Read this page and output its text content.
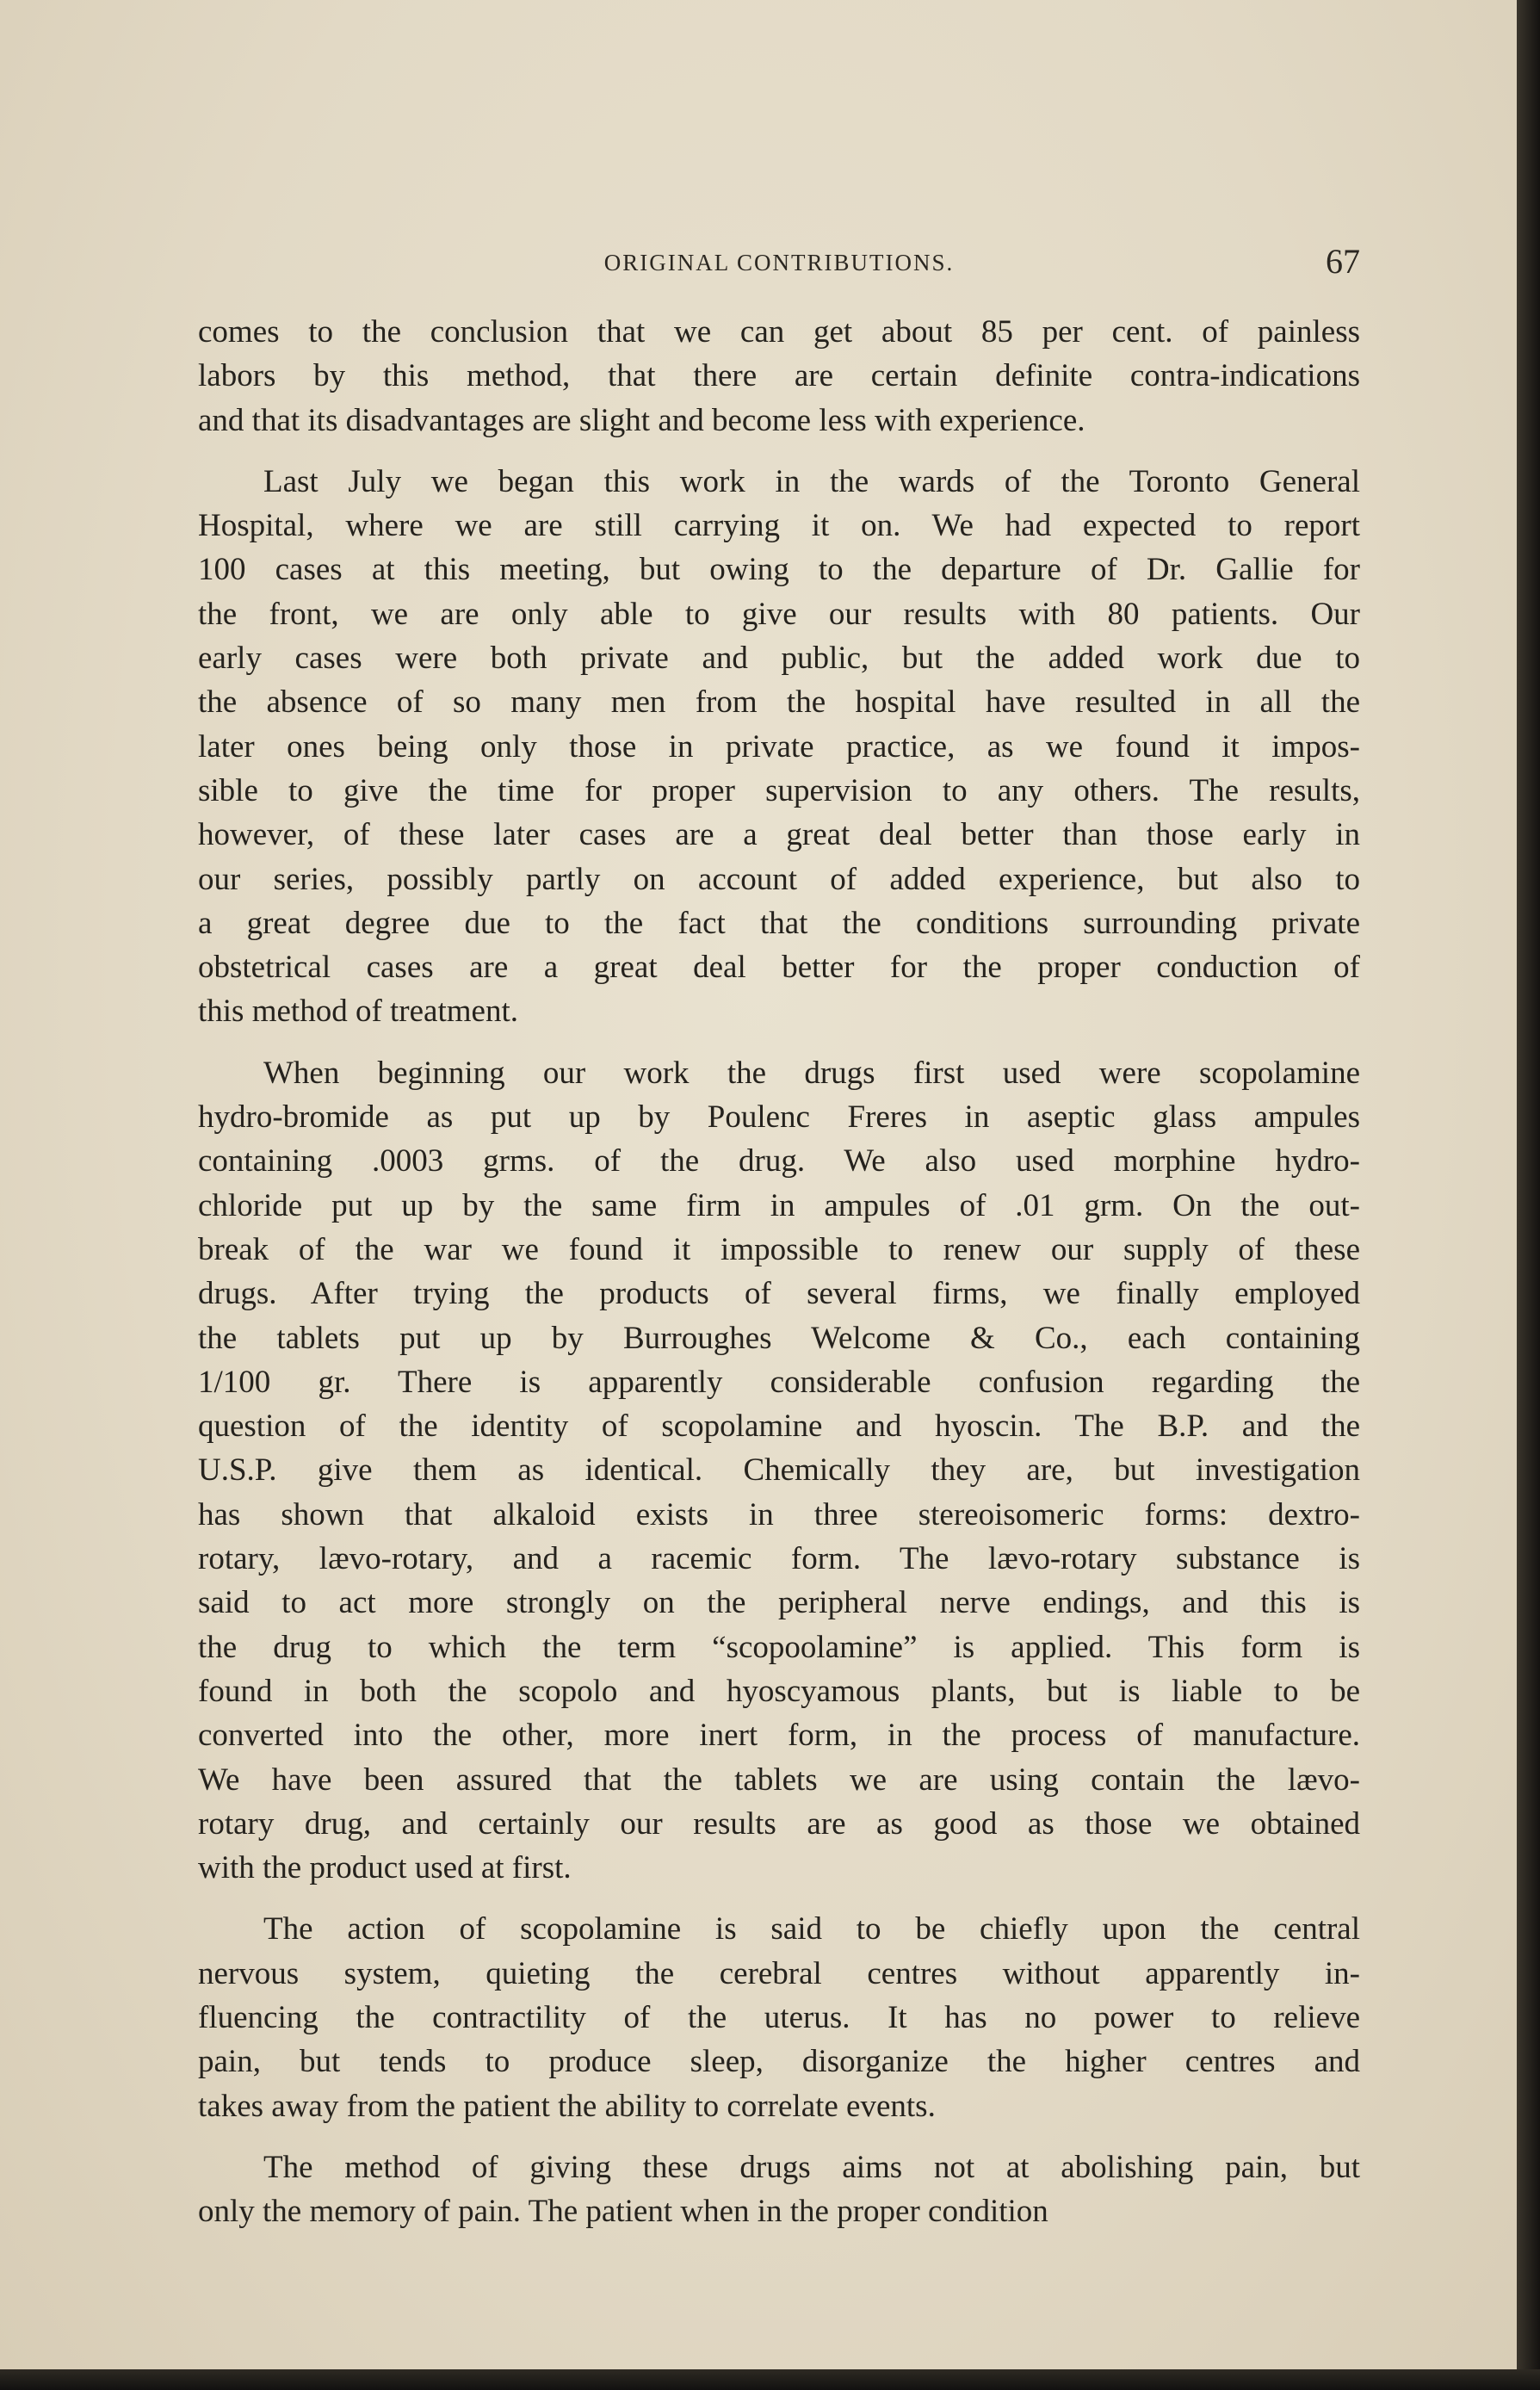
ORIGINAL CONTRIBUTIONS.	67

comes to the conclusion that we can get about 85 per cent. of painless
labors by this method, that there are certain definite contra-indications
and that its disadvantages are slight and become less with experience.

Last July we began this work in the wards of the Toronto General
Hospital, where we are still carrying it on. We had expected to report
100 cases at this meeting, but owing to the departure of Dr. Gallie for
the front, we are only able to give our results with 80 patients. Our
early cases were both private and public, but the added work due to
the absence of so many men from the hospital have resulted in all the
later ones being only those in private practice, as we found it impos-
sible to give the time for proper supervision to any others. The results,
however, of these later cases are a great deal better than those early in
our series, possibly partly on account of added experience, but also to
a great degree due to the fact that the conditions surrounding private
obstetrical cases are a great deal better for the proper conduction of
this method of treatment.

When beginning our work the drugs first used were scopolamine
hydro-bromide as put up by Poulenc Freres in aseptic glass ampules
containing .0003 grms. of the drug. We also used morphine hydro-
chloride put up by the same firm in ampules of .01 grm. On the out-
break of the war we found it impossible to renew our supply of these
drugs. After trying the products of several firms, we finally employed
the tablets put up by Burroughes Welcome & Co., each containing
1/100 gr. There is apparently considerable confusion regarding the
question of the identity of scopolamine and hyoscin. The B.P. and the
U.S.P. give them as identical. Chemically they are, but investigation
has shown that alkaloid exists in three stereoisomeric forms: dextro-
rotary, lævo-rotary, and a racemic form. The lævo-rotary substance is
said to act more strongly on the peripheral nerve endings, and this is
the drug to which the term “scopoolamine” is applied. This form is
found in both the scopolo and hyoscyamous plants, but is liable to be
converted into the other, more inert form, in the process of manufacture.
We have been assured that the tablets we are using contain the lævo-
rotary drug, and certainly our results are as good as those we obtained
with the product used at first.

The action of scopolamine is said to be chiefly upon the central
nervous system, quieting the cerebral centres without apparently in-
fluencing the contractility of the uterus. It has no power to relieve
pain, but tends to produce sleep, disorganize the higher centres and
takes away from the patient the ability to correlate events.

The method of giving these drugs aims not at abolishing pain, but
only the memory of pain. The patient when in the proper condition
